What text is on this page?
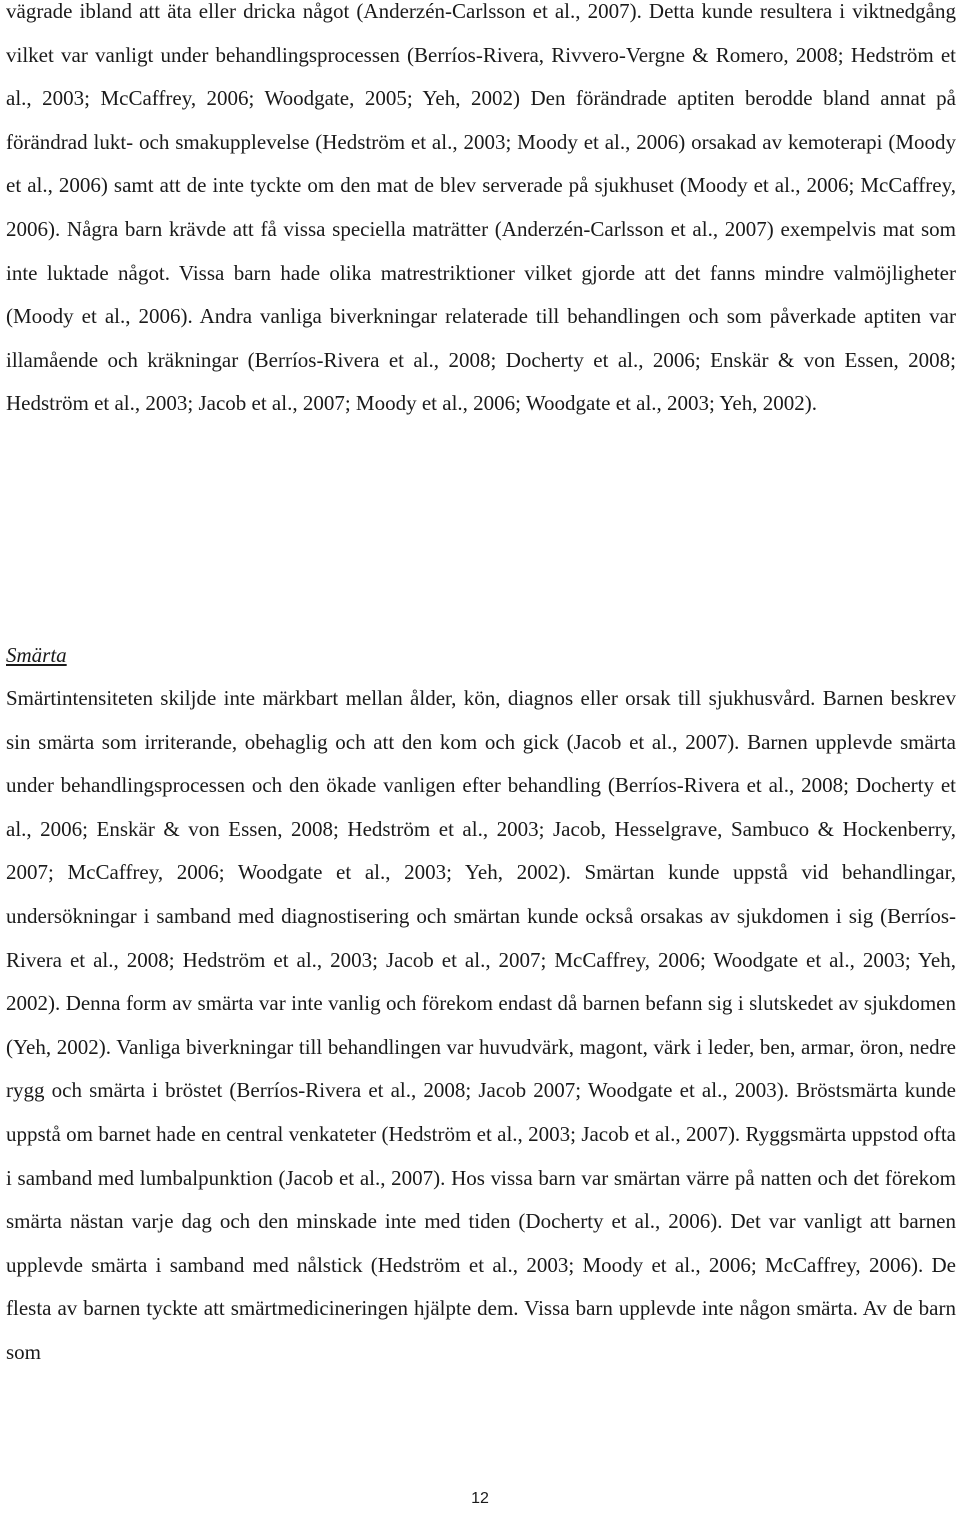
vägrade ibland att äta eller dricka något (Anderzén-Carlsson et al., 2007). Detta kunde resultera i viktnedgång vilket var vanligt under behandlingsprocessen (Berríos-Rivera, Rivvero-Vergne & Romero, 2008; Hedström et al., 2003; McCaffrey, 2006; Woodgate, 2005; Yeh, 2002) Den förändrade aptiten berodde bland annat på förändrad lukt- och smakupplevelse (Hedström et al., 2003; Moody et al., 2006) orsakad av kemoterapi (Moody et al., 2006) samt att de inte tyckte om den mat de blev serverade på sjukhuset (Moody et al., 2006; McCaffrey, 2006). Några barn krävde att få vissa speciella maträtter (Anderzén-Carlsson et al., 2007) exempelvis mat som inte luktade något. Vissa barn hade olika matrestriktioner vilket gjorde att det fanns mindre valmöjligheter (Moody et al., 2006). Andra vanliga biverkningar relaterade till behandlingen och som påverkade aptiten var illamående och kräkningar (Berríos-Rivera et al., 2008; Docherty et al., 2006; Enskär & von Essen, 2008; Hedström et al., 2003; Jacob et al., 2007; Moody et al., 2006; Woodgate et al., 2003; Yeh, 2002).

Smärta

Smärtintensiteten skiljde inte märkbart mellan ålder, kön, diagnos eller orsak till sjukhusvård. Barnen beskrev sin smärta som irriterande, obehaglig och att den kom och gick (Jacob et al., 2007). Barnen upplevde smärta under behandlingsprocessen och den ökade vanligen efter behandling (Berríos-Rivera et al., 2008; Docherty et al., 2006; Enskär & von Essen, 2008; Hedström et al., 2003; Jacob, Hesselgrave, Sambuco & Hockenberry, 2007; McCaffrey, 2006; Woodgate et al., 2003; Yeh, 2002). Smärtan kunde uppstå vid behandlingar, undersökningar i samband med diagnostisering och smärtan kunde också orsakas av sjukdomen i sig (Berríos-Rivera et al., 2008; Hedström et al., 2003; Jacob et al., 2007; McCaffrey, 2006; Woodgate et al., 2003; Yeh, 2002). Denna form av smärta var inte vanlig och förekom endast då barnen befann sig i slutskedet av sjukdomen (Yeh, 2002). Vanliga biverkningar till behandlingen var huvudvärk, magont, värk i leder, ben, armar, öron, nedre rygg och smärta i bröstet (Berríos-Rivera et al., 2008; Jacob 2007; Woodgate et al., 2003). Bröstsmärta kunde uppstå om barnet hade en central venkateter (Hedström et al., 2003; Jacob et al., 2007). Ryggsmärta uppstod ofta i samband med lumbalpunktion (Jacob et al., 2007). Hos vissa barn var smärtan värre på natten och det förekom smärta nästan varje dag och den minskade inte med tiden (Docherty et al., 2006). Det var vanligt att barnen upplevde smärta i samband med nålstick (Hedström et al., 2003; Moody et al., 2006; McCaffrey, 2006). De flesta av barnen tyckte att smärtmedicineringen hjälpte dem. Vissa barn upplevde inte någon smärta. Av de barn som

12
